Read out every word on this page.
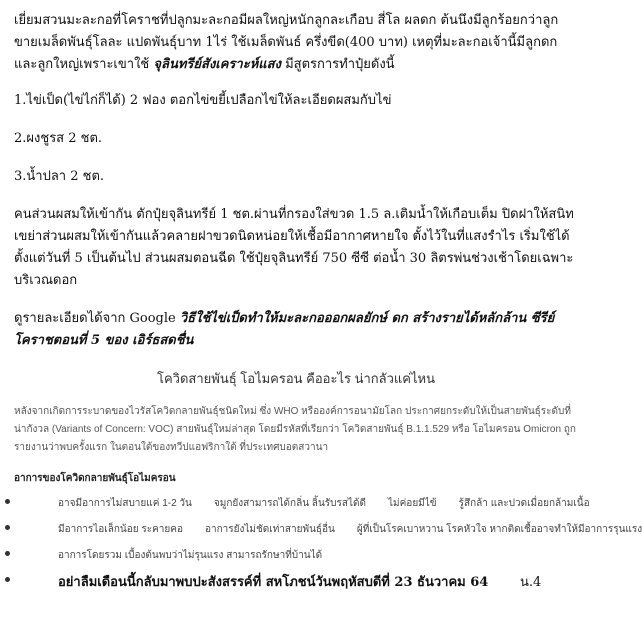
เยี่ยมสวนมะละกอที่โคราชที่ปลูกมะละกอมีผลใหญ่หนักลูกละเกือบ สี่โล ผลดก ต้นนึงมีลูกร้อยกว่าลูก ขายเมล็ดพันธุ์โลละ แปดพันธุ์บาท 1ไร่ ใช้เมล็ดพันธ์ ครึ่งขีด(400 บาท) เหตุที่มะละกอเจ้านี้มีลูกดกและลูกใหญ่เพราะเขาใช้ จุลินทรีย์สังเคราะห์แสง มีสูตรการทำปุ๋ยดังนี้

1.ไข่เป็ด(ไข่ไก่ก็ได้) 2 ฟอง ตอกไข่ขยี้เปลือกไข่ให้ละเอียดผสมกับไข่

2.ผงชูรส 2 ชต.

3.น้ำปลา 2 ชต.

คนส่วนผสมให้เข้ากัน ตักปุ๋ยจุลินทรีย์ 1 ชต.ผ่านที่กรองใส่ขวด 1.5 ล.เติมน้ำให้เกือบเต็ม ปิดฝาให้สนิท เขย่าส่วนผสมให้เข้ากันแล้วคลายฝาขวดนิดหน่อยให้เชื้อมีอากาศหายใจ ตั้งไว้ในที่แสงรำไร เริ่มใช้ได้ตั้งแต่วันที่ 5 เป็นต้นไป ส่วนผสมตอนฉีด ใช้ปุ๋ยจุลินทรีย์ 750 ซีซี ต่อน้ำ 30 ลิตรพ่นช่วงเช้าโดยเฉพาะบริเวณดอก

ดูรายละเอียดได้จาก Google วิธีใช้ไข่เป็ดทำให้มะละกอออกผลยักษ์ ดก สร้างรายได้หลักล้าน ซีรีย์โคราชตอนที่ 5 ของ เอิร์ธสดชื่น

โควิดสายพันธุ์ โอไมครอน คืออะไร น่ากลัวแค่ไหน

หลังจากเกิดการระบาดของไวรัสโควิดกลายพันธุ์ชนิดใหม่ ซึ่ง WHO หรือองค์การอนามัยโลก ประกาศยกระดับให้เป็นสายพันธุ์ระดับที่น่ากังวล (Variants of Concern: VOC) สายพันธุ์ใหม่ล่าสุด โดยมีรหัสที่เรียกว่า โควิดสายพันธุ์ B.1.1.529 หรือ โอไมครอน Omicron ถูกรายงานว่าพบครั้งแรก ในตอนใต้ของทวีปแอฟริกาใต้ ที่ประเทศบอตสวานา

อาการของโควิดกลายพันธุ์โอไมครอน
อาจมีอาการไม่สบายแค่ 1-2 วัน จมูกยังสามารถได้กลิ่น ลิ้นรับรสได้ดี ไม่ค่อยมีไข้ รู้สึกล้า และปวดเมื่อยกล้ามเนื้อ
มีอาการไอเล็กน้อย ระคายคอ อาการยังไม่ชัดเท่าสายพันธุ์อื่น ผู้ที่เป็นโรคเบาหวาน โรคหัวใจ หากติดเชื้ออาจทำให้มีอาการรุนแรง
อาการโดยรวม เบื้องต้นพบว่าไม่รุนแรง สามารถรักษาที่บ้านได้
อย่าลืมเดือนนี้กลับมาพบปะสังสรรค์ที่ สหโภชน์วันพฤหัสบดีที่ 23 ธันวาคม 64 น.4
